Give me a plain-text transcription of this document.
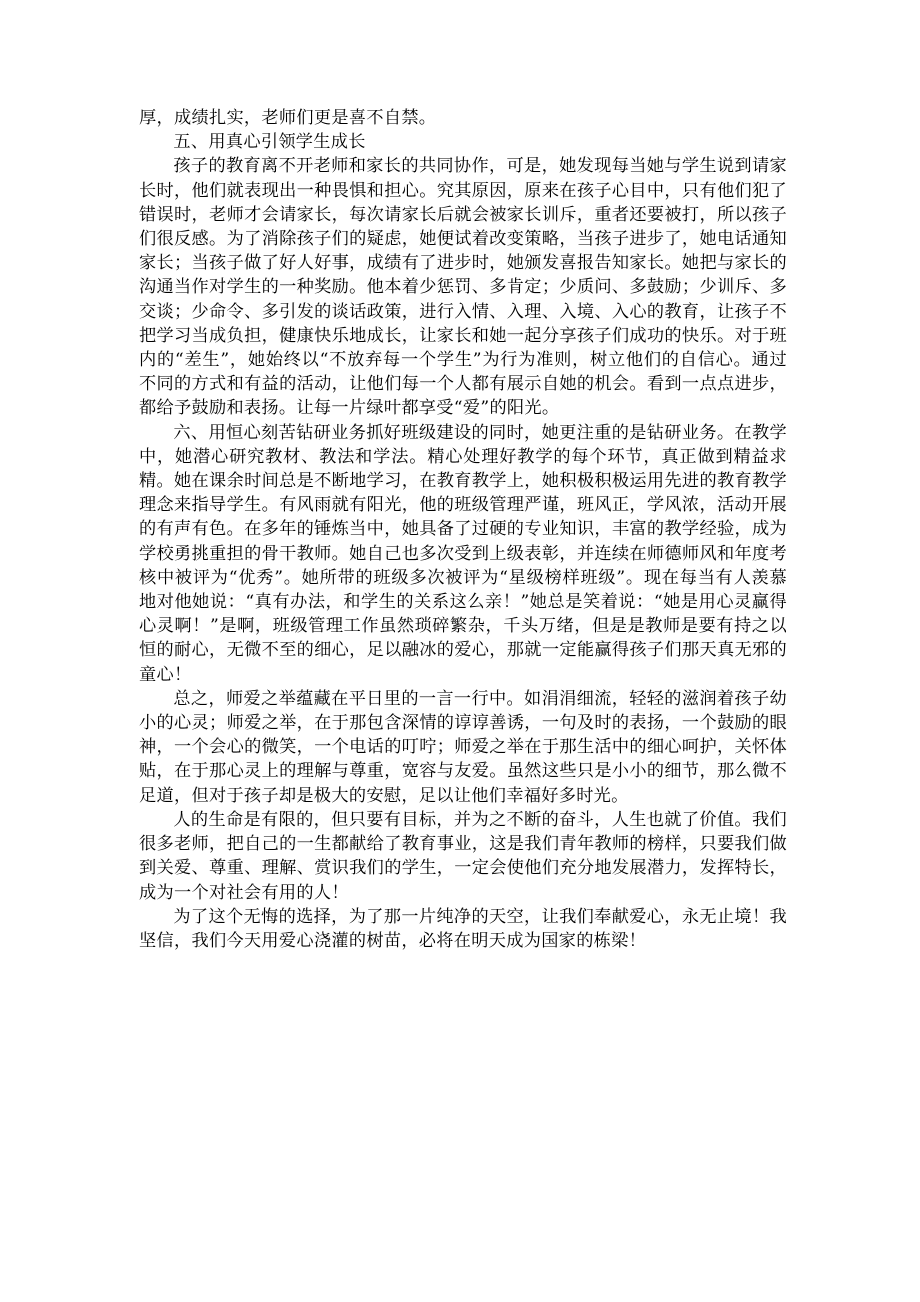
厚，成绩扎实，老师们更是喜不自禁。

五、用真心引领学生成长

孩子的教育离不开老师和家长的共同协作，可是，她发现每当她与学生说到请家长时，他们就表现出一种畏惧和担心。究其原因，原来在孩子心目中，只有他们犯了错误时，老师才会请家长，每次请家长后就会被家长训斥，重者还要被打，所以孩子们很反感。为了消除孩子们的疑虑，她便试着改变策略，当孩子进步了，她电话通知家长；当孩子做了好人好事，成绩有了进步时，她颁发喜报告知家长。她把与家长的沟通当作对学生的一种奖励。他本着少惩罚、多肯定；少质问、多鼓励；少训斥、多交谈；少命令、多引发的谈话政策，进行入情、入理、入境、入心的教育，让孩子不把学习当成负担，健康快乐地成长，让家长和她一起分享孩子们成功的快乐。对于班内的“差生”，她始终以“不放弃每一个学生”为行为准则，树立他们的自信心。通过不同的方式和有益的活动，让他们每一个人都有展示自她的机会。看到一点点进步，都给予鼓励和表扬。让每一片绿叶都享受“爱”的阳光。

六、用恒心刻苦钻研业务抓好班级建设的同时，她更注重的是钻研业务。在教学中，她潜心研究教材、教法和学法。精心处理好教学的每个环节，真正做到精益求精。她在课余时间总是不断地学习，在教育教学上，她积极积极运用先进的教育教学理念来指导学生。有风雨就有阳光，他的班级管理严谨，班风正，学风浓，活动开展的有声有色。在多年的锤炼当中，她具备了过硬的专业知识，丰富的教学经验，成为学校勇挑重担的骨干教师。她自己也多次受到上级表彰，并连续在师德师风和年度考核中被评为“优秀”。她所带的班级多次被评为“星级榜样班级”。现在每当有人羡慕地对他她说：“真有办法，和学生的关系这么亲！”她总是笑着说：“她是用心灵赢得心灵啊！”是啊，班级管理工作虽然琐碎繁杂，千头万绪，但是是教师是要有持之以恒的耐心，无微不至的细心，足以融冰的爱心，那就一定能赢得孩子们那天真无邪的童心！

总之，师爱之举蕴藏在平日里的一言一行中。如涓涓细流，轻轻的滋润着孩子幼小的心灵；师爱之举，在于那包含深情的谆谆善诱，一句及时的表扬，一个鼓励的眼神，一个会心的微笑，一个电话的叮咛；师爱之举在于那生活中的细心呵护，关怀体贴，在于那心灵上的理解与尊重，宽容与友爱。虽然这些只是小小的细节，那么微不足道，但对于孩子却是极大的安慰，足以让他们幸福好多时光。

人的生命是有限的，但只要有目标，并为之不断的奋斗，人生也就了价值。我们很多老师，把自己的一生都献给了教育事业，这是我们青年教师的榜样，只要我们做到关爱、尊重、理解、赏识我们的学生，一定会使他们充分地发展潜力，发挥特长，成为一个对社会有用的人！

为了这个无悔的选择，为了那一片纯净的天空，让我们奉献爱心，永无止境！我坚信，我们今天用爱心浇灌的树苗，必将在明天成为国家的栋梁！
